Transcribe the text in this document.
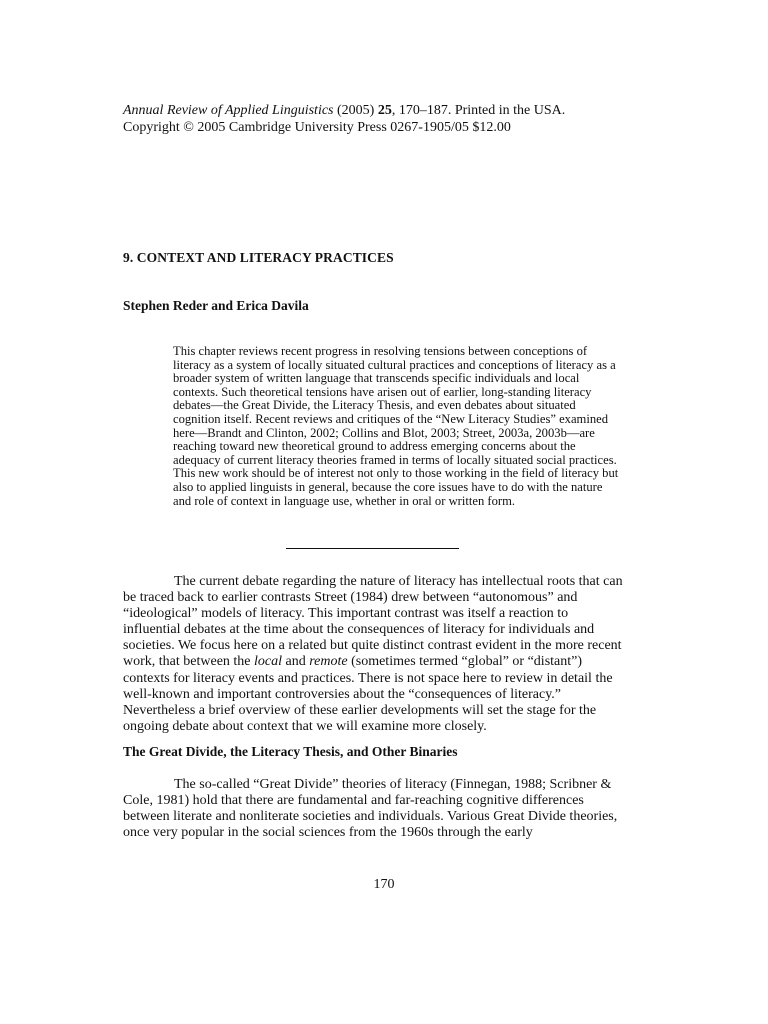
Annual Review of Applied Linguistics (2005) 25, 170–187. Printed in the USA.

Copyright © 2005 Cambridge University Press 0267-1905/05 $12.00

9. CONTEXT AND LITERACY PRACTICES

Stephen Reder and Erica Davila

This chapter reviews recent progress in resolving tensions between conceptions of literacy as a system of locally situated cultural practices and conceptions of literacy as a broader system of written language that transcends specific individuals and local contexts. Such theoretical tensions have arisen out of earlier, long-standing literacy debates—the Great Divide, the Literacy Thesis, and even debates about situated cognition itself. Recent reviews and critiques of the “New Literacy Studies” examined here—Brandt and Clinton, 2002; Collins and Blot, 2003; Street, 2003a, 2003b—are reaching toward new theoretical ground to address emerging concerns about the adequacy of current literacy theories framed in terms of locally situated social practices. This new work should be of interest not only to those working in the field of literacy but also to applied linguists in general, because the core issues have to do with the nature and role of context in language use, whether in oral or written form.

The current debate regarding the nature of literacy has intellectual roots that can be traced back to earlier contrasts Street (1984) drew between “autonomous” and “ideological” models of literacy. This important contrast was itself a reaction to influential debates at the time about the consequences of literacy for individuals and societies. We focus here on a related but quite distinct contrast evident in the more recent work, that between the local and remote (sometimes termed “global” or “distant”) contexts for literacy events and practices. There is not space here to review in detail the well-known and important controversies about the “consequences of literacy.” Nevertheless a brief overview of these earlier developments will set the stage for the ongoing debate about context that we will examine more closely.

The Great Divide, the Literacy Thesis, and Other Binaries

The so-called “Great Divide” theories of literacy (Finnegan, 1988; Scribner & Cole, 1981) hold that there are fundamental and far-reaching cognitive differences between literate and nonliterate societies and individuals. Various Great Divide theories, once very popular in the social sciences from the 1960s through the early

170
